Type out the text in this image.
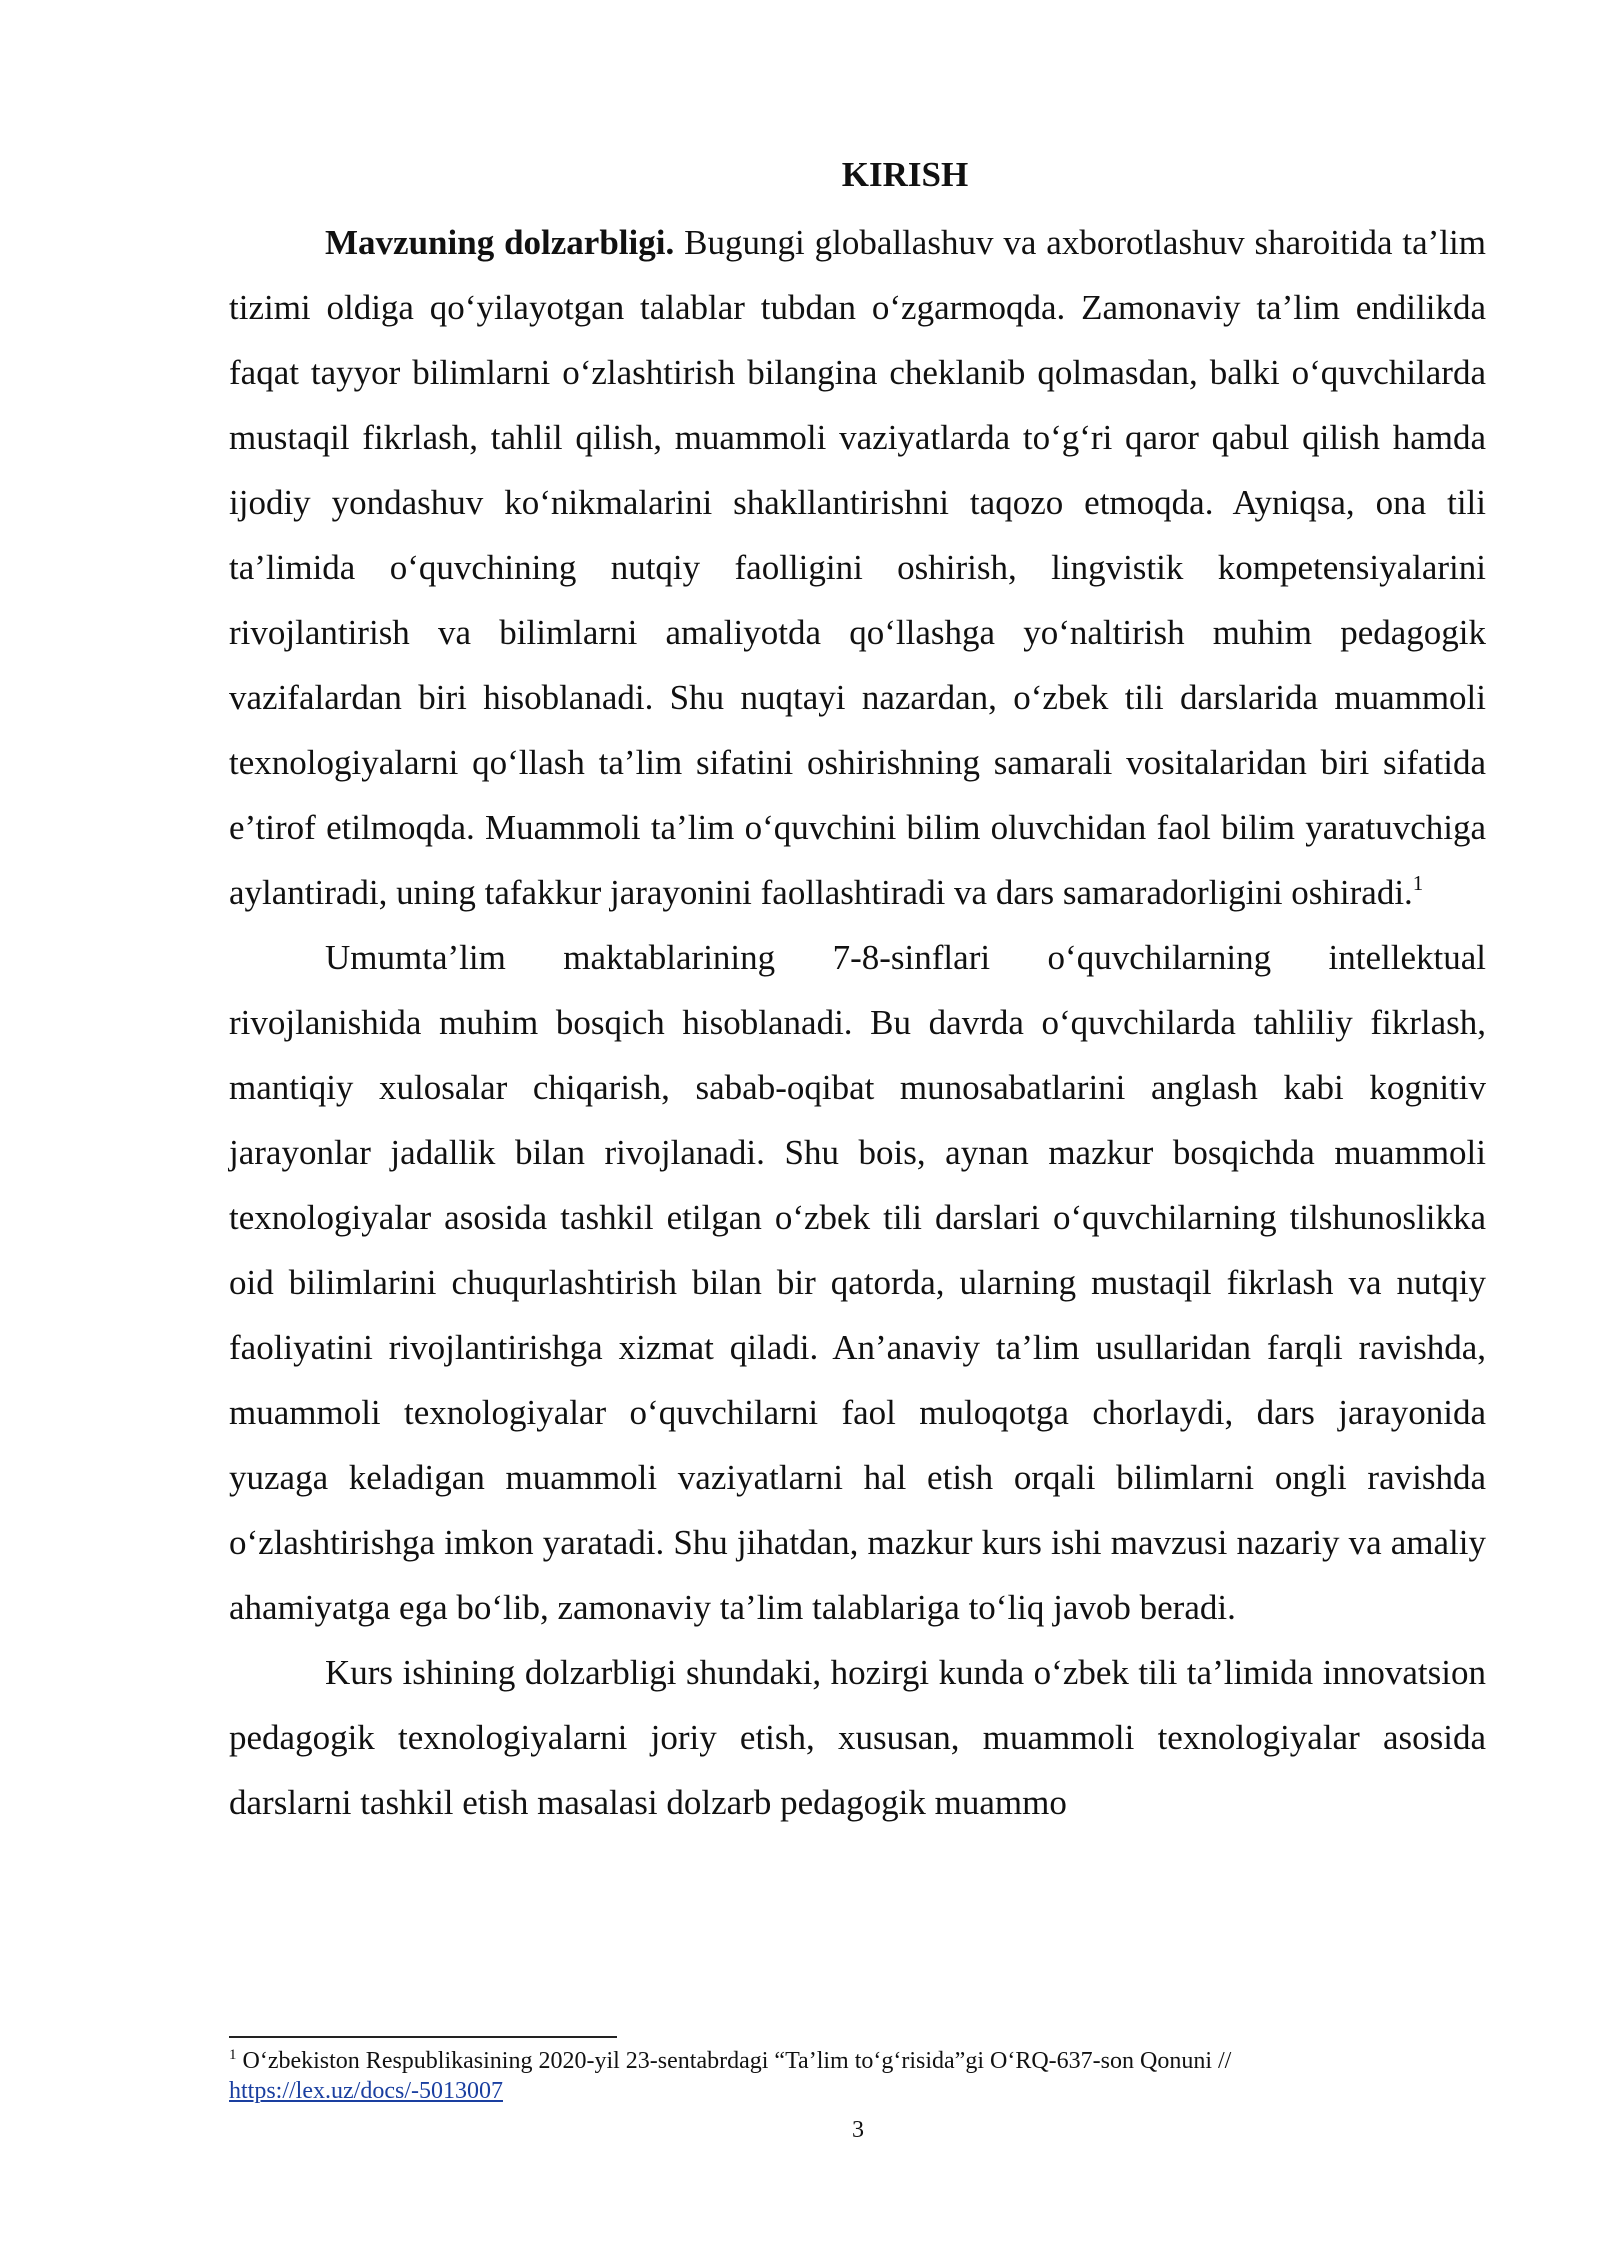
KIRISH

Mavzuning dolzarbligi. Bugungi globallashuv va axborotlashuv sharoitida ta’lim tizimi oldiga qo‘yilayotgan talablar tubdan o‘zgarmoqda. Zamonaviy ta’lim endilikda faqat tayyor bilimlarni o‘zlashtirish bilangina cheklanib qolmasdan, balki o‘quvchilarda mustaqil fikrlash, tahlil qilish, muammoli vaziyatlarda to‘g‘ri qaror qabul qilish hamda ijodiy yondashuv ko‘nikmalarini shakllantirishni taqozo etmoqda. Ayniqsa, ona tili ta’limida o‘quvchining nutqiy faolligini oshirish, lingvistik kompetensiyalarini rivojlantirish va bilimlarni amaliyotda qo‘llashga yo‘naltirish muhim pedagogik vazifalardan biri hisoblanadi. Shu nuqtayi nazardan, o‘zbek tili darslarida muammoli texnologiyalarni qo‘llash ta’lim sifatini oshirishning samarali vositalaridan biri sifatida e’tirof etilmoqda. Muammoli ta’lim o‘quvchini bilim oluvchidan faol bilim yaratuvchiga aylantiradi, uning tafakkur jarayonini faollashtiradi va dars samaradorligini oshiradi.$^1$

Umumta’lim maktablarining 7-8-sinflari o‘quvchilarning intellektual rivojlanishida muhim bosqich hisoblanadi. Bu davrda o‘quvchilarda tahliliy fikrlash, mantiqiy xulosalar chiqarish, sabab-oqibat munosabatlarini anglash kabi kognitiv jarayonlar jadallik bilan rivojlanadi. Shu bois, aynan mazkur bosqichda muammoli texnologiyalar asosida tashkil etilgan o‘zbek tili darslari o‘quvchilarning tilshunoslikka oid bilimlarini chuqurlashtirish bilan bir qatorda, ularning mustaqil fikrlash va nutqiy faoliyatini rivojlantirishga xizmat qiladi. An’anaviy ta’lim usullaridan farqli ravishda, muammoli texnologiyalar o‘quvchilarni faol muloqotga chorlaydi, dars jarayonida yuzaga keladigan muammoli vaziyatlarni hal etish orqali bilimlarni ongli ravishda o‘zlashtirishga imkon yaratadi. Shu jihatdan, mazkur kurs ishi mavzusi nazariy va amaliy ahamiyatga ega bo‘lib, zamonaviy ta’lim talablariga to‘liq javob beradi.

Kurs ishining dolzarbligi shundaki, hozirgi kunda o‘zbek tili ta’limida innovatsion pedagogik texnologiyalarni joriy etish, xususan, muammoli texnologiyalar asosida darslarni tashkil etish masalasi dolzarb pedagogik muammo

$^1$ O‘zbekiston Respublikasining 2020-yil 23-sentabrdagi “Ta’lim to‘g‘risida”gi O‘RQ-637-son Qonuni //
https://lex.uz/docs/-5013007
3
